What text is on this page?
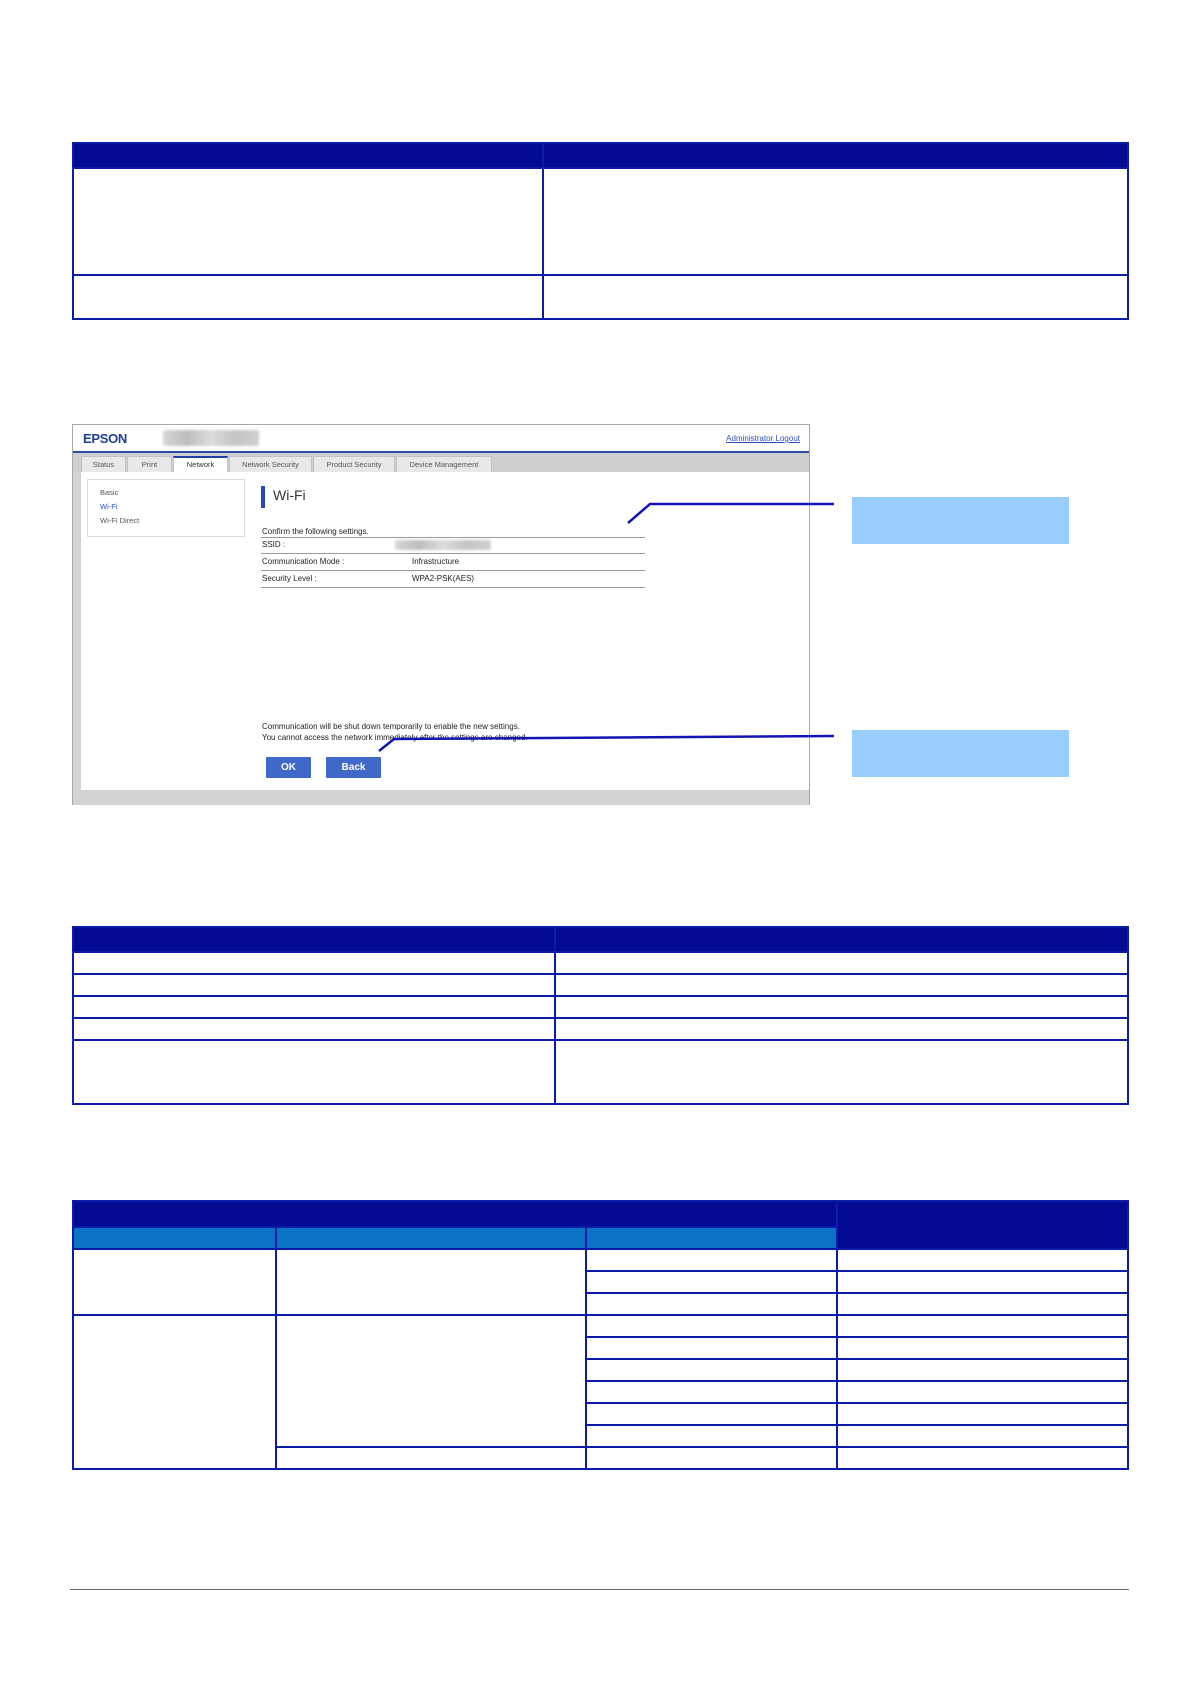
EPSON	Administrator Logout
Status	Print	Network	Network Security	Product Security	Device Management
Basic
Wi-Fi
Wi-Fi Direct
Wi-Fi
Confirm the following settings.
SSID :
Communication Mode :	Infrastructure
Security Level :	WPA2-PSK(AES)
Communication will be shut down temporarily to enable the new settings.
You cannot access the network immediately after the settings are changed.
OK	Back
